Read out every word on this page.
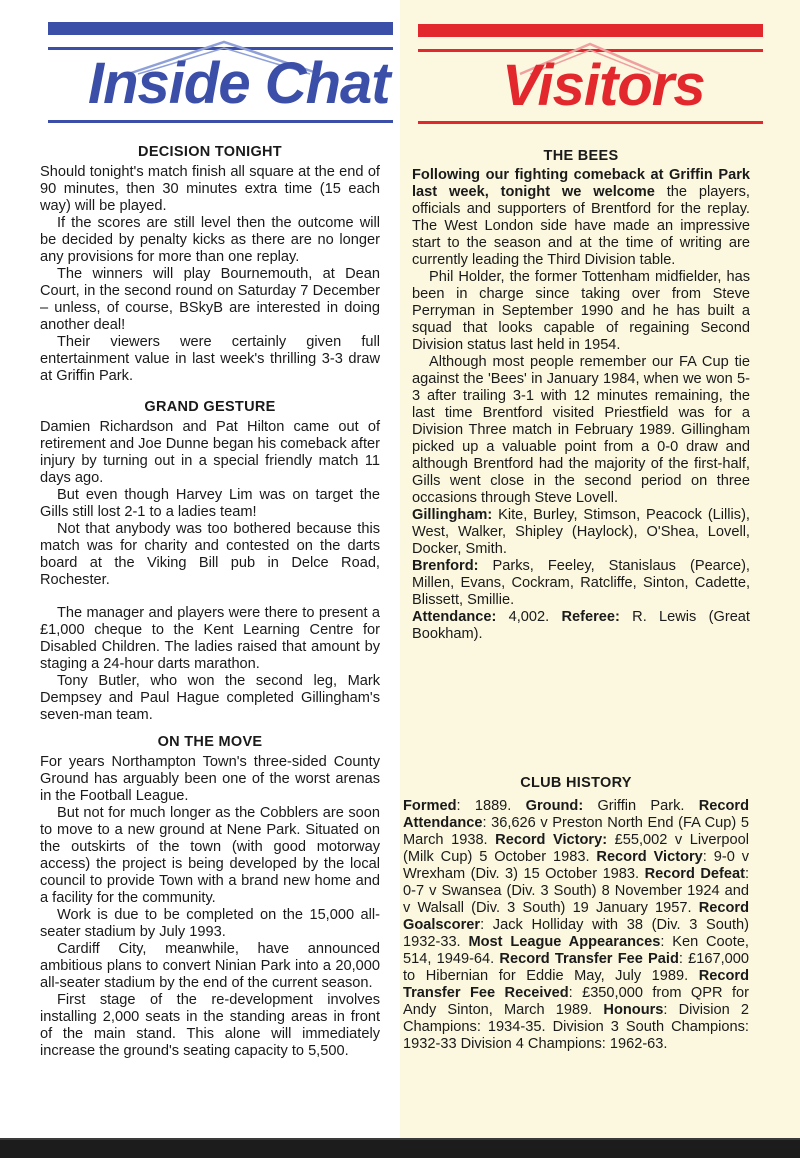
Inside Chat Visitors

DECISION TONIGHT

Should tonight's match finish all square at the end of 90 minutes, then 30 minutes extra time (15 each way) will be played.

If the scores are still level then the outcome will be decided by penalty kicks as there are no longer any provisions for more than one replay.

The winners will play Bournemouth, at Dean Court, in the second round on Saturday 7 December – unless, of course, BSkyB are interested in doing another deal!

Their viewers were certainly given full entertainment value in last week's thrilling 3-3 draw at Griffin Park.

GRAND GESTURE

Damien Richardson and Pat Hilton came out of retirement and Joe Dunne began his comeback after injury by turning out in a special friendly match 11 days ago.

But even though Harvey Lim was on target the Gills still lost 2-1 to a ladies team!

Not that anybody was too bothered because this match was for charity and contested on the darts board at the Viking Bill pub in Delce Road, Rochester.

The manager and players were there to present a £1,000 cheque to the Kent Learning Centre for Disabled Children. The ladies raised that amount by staging a 24-hour darts marathon.

Tony Butler, who won the second leg, Mark Dempsey and Paul Hague completed Gillingham's seven-man team.

ON THE MOVE

For years Northampton Town's three-sided County Ground has arguably been one of the worst arenas in the Football League.

But not for much longer as the Cobblers are soon to move to a new ground at Nene Park. Situated on the outskirts of the town (with good motorway access) the project is being developed by the local council to provide Town with a brand new home and a facility for the community.

Work is due to be completed on the 15,000 all-seater stadium by July 1993.

Cardiff City, meanwhile, have announced ambitious plans to convert Ninian Park into a 20,000 all-seater stadium by the end of the current season.

First stage of the re-development involves installing 2,000 seats in the standing areas in front of the main stand. This alone will immediately increase the ground's seating capacity to 5,500.

THE BEES

Following our fighting comeback at Griffin Park last week, tonight we welcome the players, officials and supporters of Brentford for the replay. The West London side have made an impressive start to the season and at the time of writing are currently leading the Third Division table.

Phil Holder, the former Tottenham midfielder, has been in charge since taking over from Steve Perryman in September 1990 and he has built a squad that looks capable of regaining Second Division status last held in 1954.

Although most people remember our FA Cup tie against the 'Bees' in January 1984, when we won 5-3 after trailing 3-1 with 12 minutes remaining, the last time Brentford visited Priestfield was for a Division Three match in February 1989. Gillingham picked up a valuable point from a 0-0 draw and although Brentford had the majority of the first-half, Gills went close in the second period on three occasions through Steve Lovell.

Gillingham: Kite, Burley, Stimson, Peacock (Lillis), West, Walker, Shipley (Haylock), O'Shea, Lovell, Docker, Smith.

Brenford: Parks, Feeley, Stanislaus (Pearce), Millen, Evans, Cockram, Ratcliffe, Sinton, Cadette, Blissett, Smillie.

Attendance: 4,002. Referee: R. Lewis (Great Bookham).

CLUB HISTORY

Formed: 1889. Ground: Griffin Park. Record Attendance: 36,626 v Preston North End (FA Cup) 5 March 1938. Record Victory: £55,002 v Liverpool (Milk Cup) 5 October 1983. Record Victory: 9-0 v Wrexham (Div. 3) 15 October 1983. Record Defeat: 0-7 v Swansea (Div. 3 South) 8 November 1924 and v Walsall (Div. 3 South) 19 January 1957. Record Goalscorer: Jack Holliday with 38 (Div. 3 South) 1932-33. Most League Appearances: Ken Coote, 514, 1949-64. Record Transfer Fee Paid: £167,000 to Hibernian for Eddie May, July 1989. Record Transfer Fee Received: £350,000 from QPR for Andy Sinton, March 1989. Honours: Division 2 Champions: 1934-35. Division 3 South Champions: 1932-33 Division 4 Champions: 1962-63.
